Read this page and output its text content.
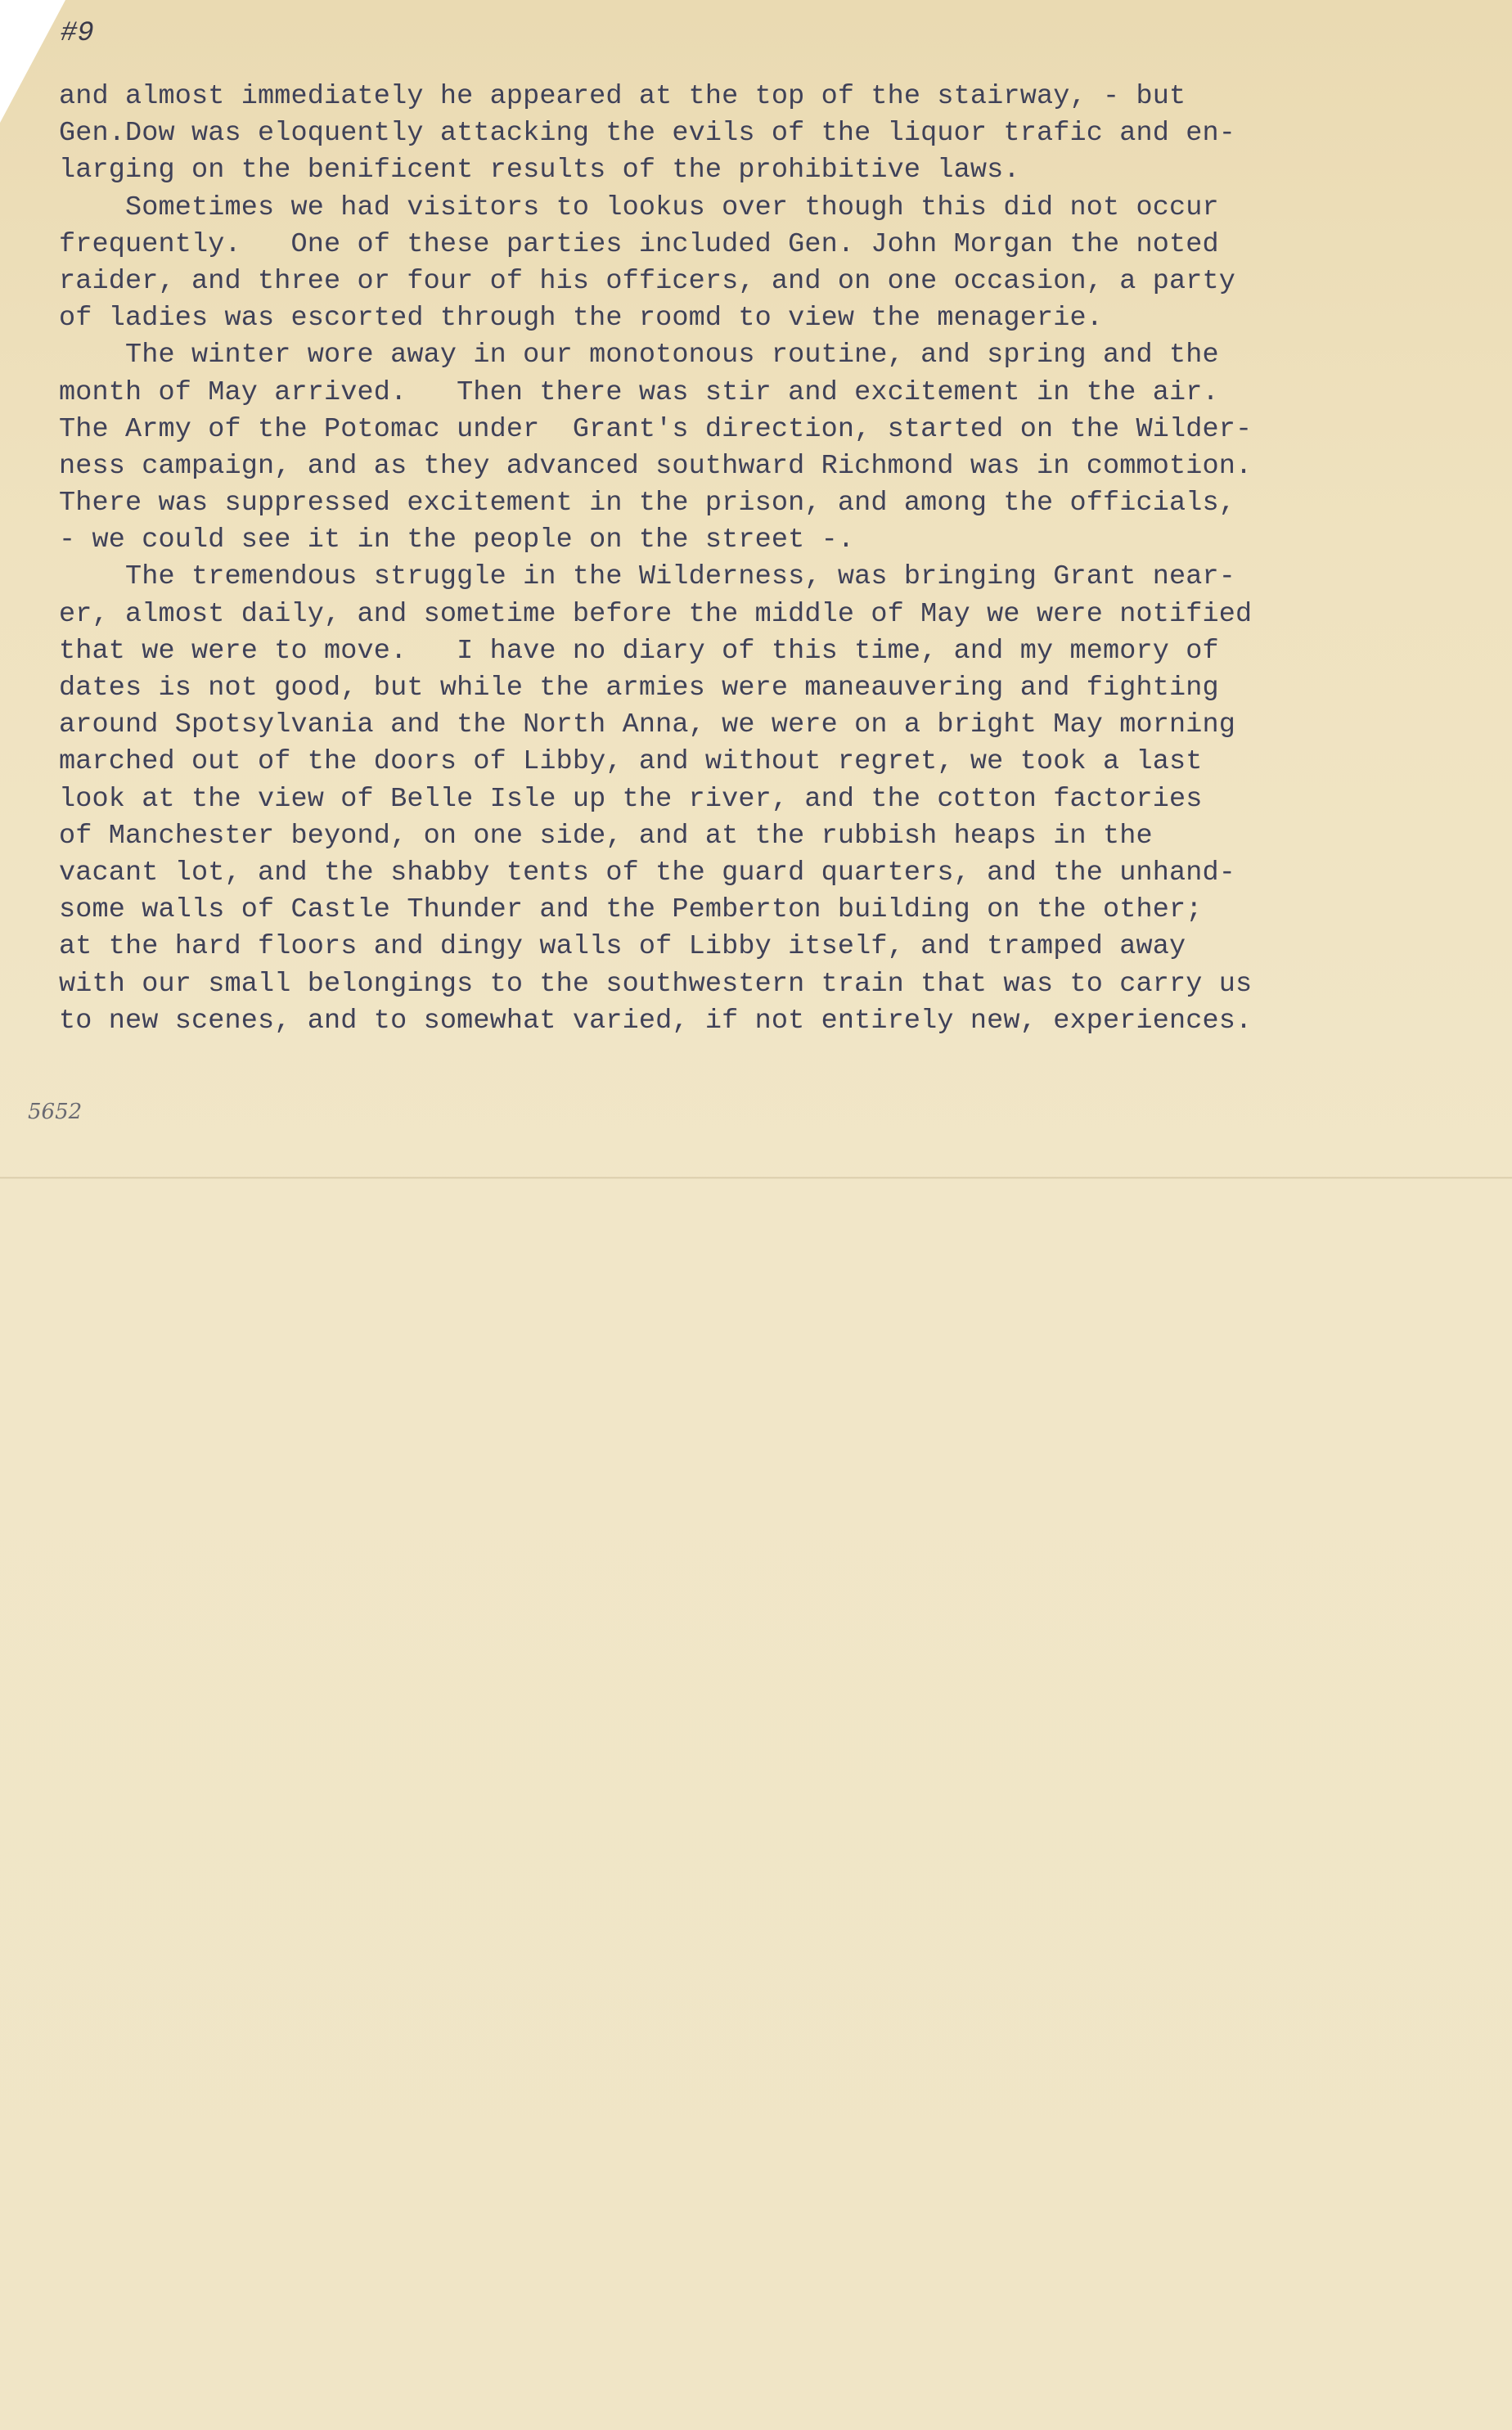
#9
and almost immediately he appeared at the top of the stairway, - but
Gen.Dow was eloquently attacking the evils of the liquor trafic and en-
larging on the benificent results of the prohibitive laws.
Sometimes we had visitors to lookus over though this did not occur
frequently.   One of these parties included Gen. John Morgan the noted
raider, and three or four of his officers, and on one occasion, a party
of ladies was escorted through the roomd to view the menagerie.
The winter wore away in our monotonous routine, and spring and the
month of May arrived.   Then there was stir and excitement in the air.
The Army of the Potomac under  Grant's direction, started on the Wilder-
ness campaign, and as they advanced southward Richmond was in commotion.
There was suppressed excitement in the prison, and among the officials,
- we could see it in the people on the street -.
The tremendous struggle in the Wilderness, was bringing Grant near-
er, almost daily, and sometime before the middle of May we were notified
that we were to move.   I have no diary of this time, and my memory of
dates is not good, but while the armies were maneauvering and fighting
around Spotsylvania and the North Anna, we were on a bright May morning
marched out of the doors of Libby, and without regret, we took a last
look at the view of Belle Isle up the river, and the cotton factories
of Manchester beyond, on one side, and at the rubbish heaps in the
vacant lot, and the shabby tents of the guard quarters, and the unhand-
some walls of Castle Thunder and the Pemberton building on the other;
at the hard floors and dingy walls of Libby itself, and tramped away
with our small belongings to the southwestern train that was to carry us
to new scenes, and to somewhat varied, if not entirely new, experiences.
5652
